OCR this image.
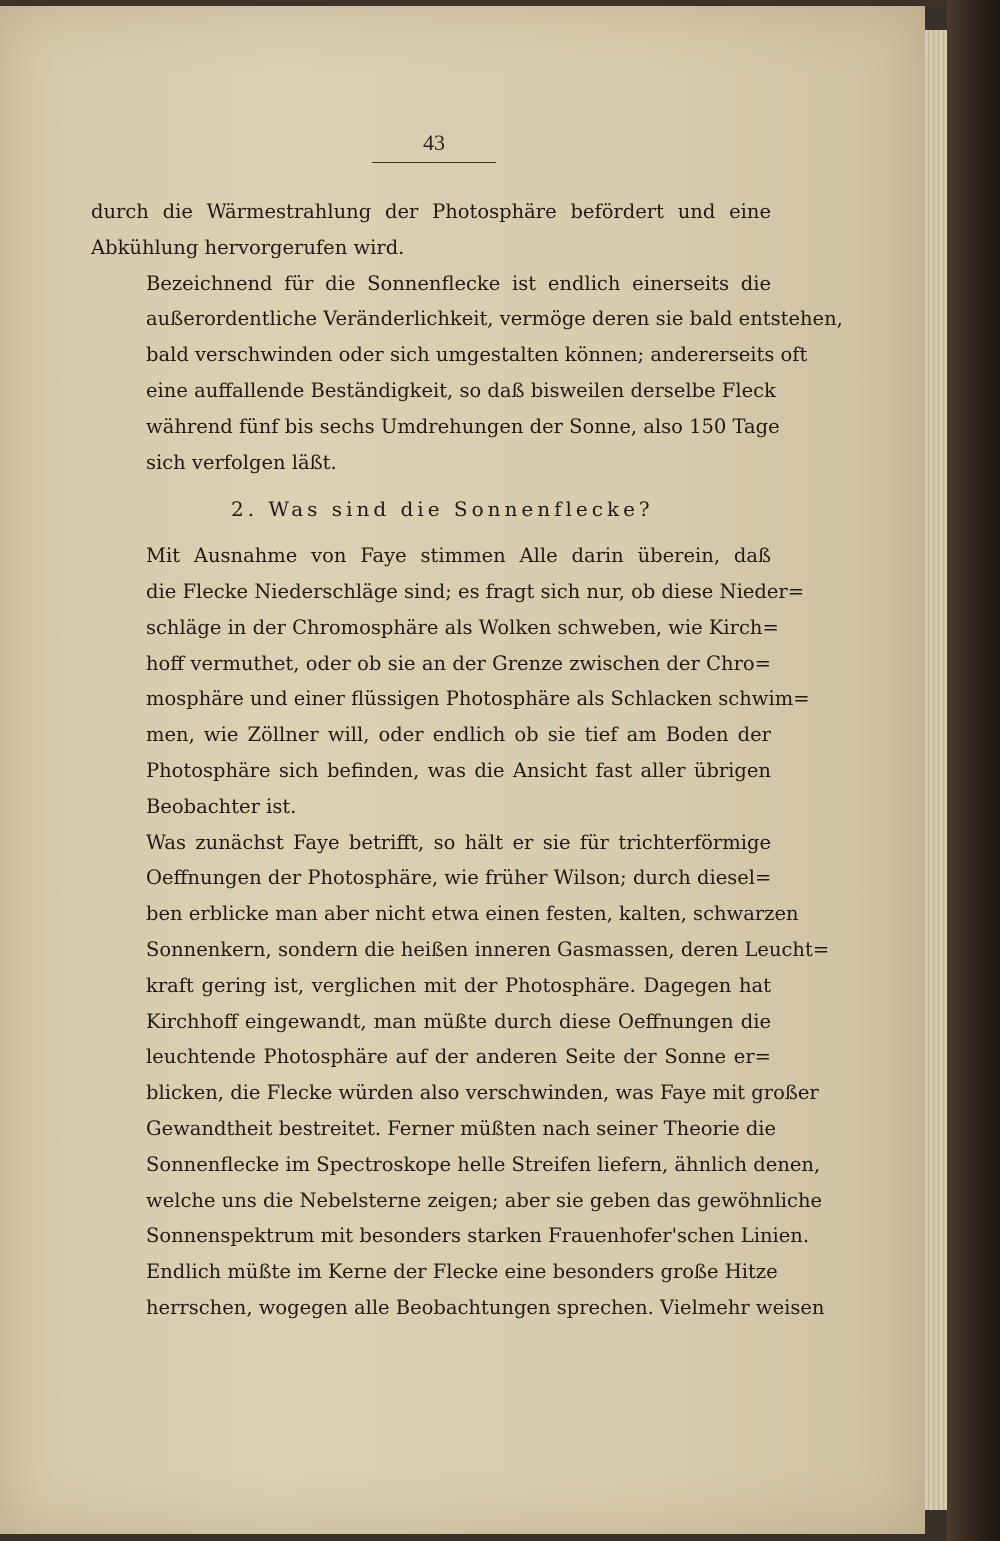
43
durch die Wärmestrahlung der Photosphäre befördert und eine
Abkühlung hervorgerufen wird.
Bezeichnend für die Sonnenflecke ist endlich einerseits die
außerordentliche Veränderlichkeit, vermöge deren sie bald entstehen,
bald verschwinden oder sich umgestalten können; andererseits oft
eine auffallende Beständigkeit, so daß bisweilen derselbe Fleck
während fünf bis sechs Umdrehungen der Sonne, also 150 Tage
sich verfolgen läßt.
2. Was sind die Sonnenflecke?
Mit Ausnahme von Faye stimmen Alle darin überein, daß
die Flecke Niederschläge sind; es fragt sich nur, ob diese Nieder=
schläge in der Chromosphäre als Wolken schweben, wie Kirch=
hoff vermuthet, oder ob sie an der Grenze zwischen der Chro=
mosphäre und einer flüssigen Photosphäre als Schlacken schwim=
men, wie Zöllner will, oder endlich ob sie tief am Boden der
Photosphäre sich befinden, was die Ansicht fast aller übrigen
Beobachter ist.
Was zunächst Faye betrifft, so hält er sie für trichterförmige
Oeffnungen der Photosphäre, wie früher Wilson; durch diesel=
ben erblicke man aber nicht etwa einen festen, kalten, schwarzen
Sonnenkern, sondern die heißen inneren Gasmassen, deren Leucht=
kraft gering ist, verglichen mit der Photosphäre. Dagegen hat
Kirchhoff eingewandt, man müßte durch diese Oeffnungen die
leuchtende Photosphäre auf der anderen Seite der Sonne er=
blicken, die Flecke würden also verschwinden, was Faye mit großer
Gewandtheit bestreitet. Ferner müßten nach seiner Theorie die
Sonnenflecke im Spectroskope helle Streifen liefern, ähnlich denen,
welche uns die Nebelsterne zeigen; aber sie geben das gewöhnliche
Sonnenspektrum mit besonders starken Frauenhofer'schen Linien.
Endlich müßte im Kerne der Flecke eine besonders große Hitze
herrschen, wogegen alle Beobachtungen sprechen. Vielmehr weisen
